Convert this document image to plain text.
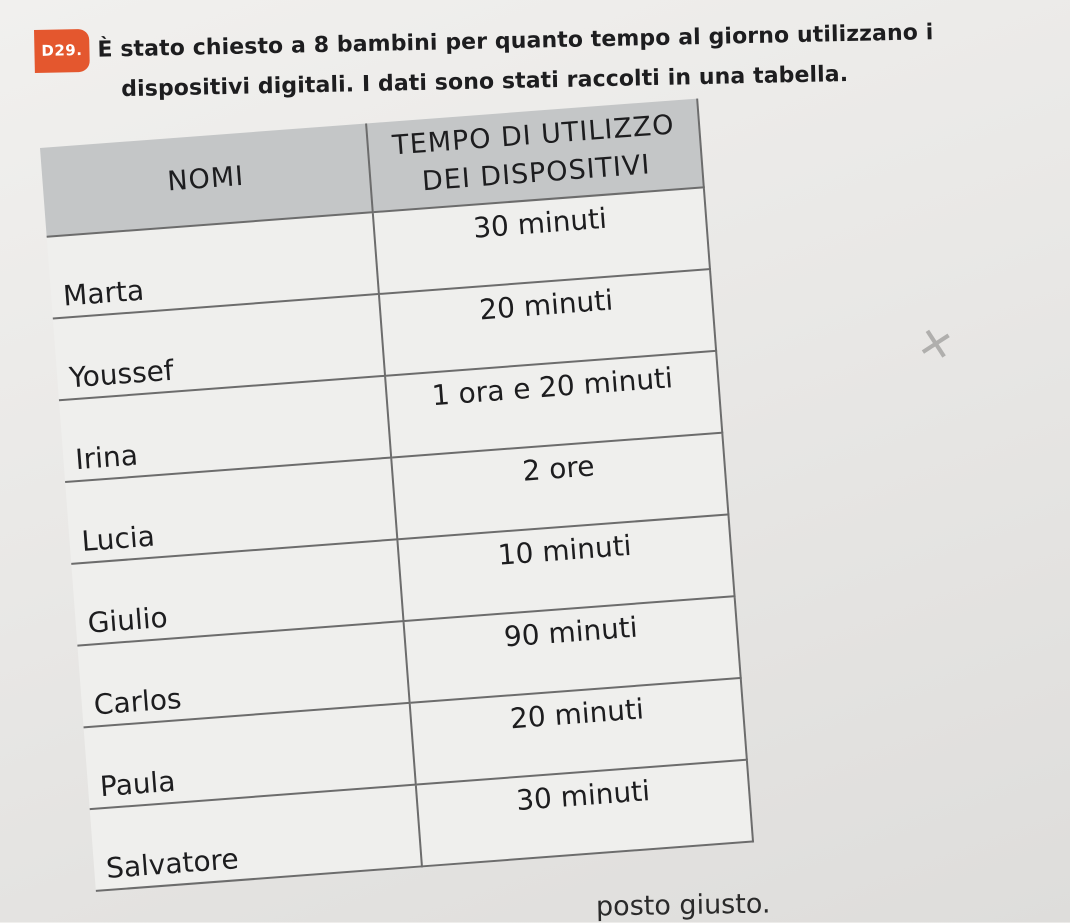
D29. È stato chiesto a 8 bambini per quanto tempo al giorno utilizzano i
dispositivi digitali. I dati sono stati raccolti in una tabella.
NOMI	TEMPO DI UTILIZZO
DEI DISPOSITIVI

Marta	30 minuti
Youssef	20 minuti
Irina	1 ora e 20 minuti
Lucia	2 ore
Giulio	10 minuti
Carlos	90 minuti
Paula	20 minuti
Salvatore	30 minuti
✕
posto giusto.
